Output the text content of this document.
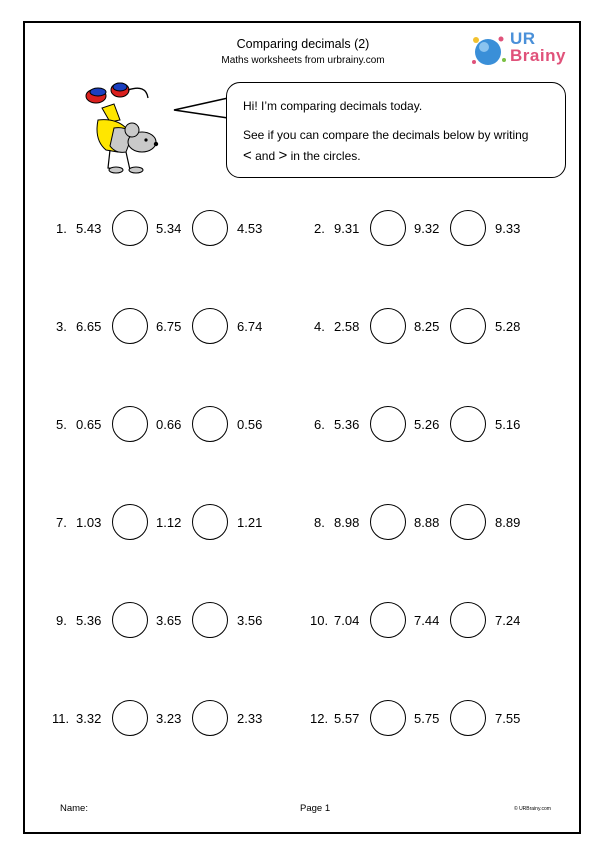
Comparing decimals (2)
Maths worksheets from urbrainy.com
UR
Brainy
Hi! I’m comparing decimals today.
See if you can compare the decimals below by writing
< and > in the circles.
1. 5.43	5.34	4.53	2. 9.31	9.32	9.33
3. 6.65	6.75	6.74	4. 2.58	8.25	5.28
5. 0.65	0.66	0.56	6. 5.36	5.26	5.16
7. 1.03	1.12	1.21	8. 8.98	8.88	8.89
9. 5.36	3.65	3.56	10. 7.04	7.44	7.24
11. 3.32	3.23	2.33	12. 5.57	5.75	7.55
Name:	Page 1	© URBrainy.com
